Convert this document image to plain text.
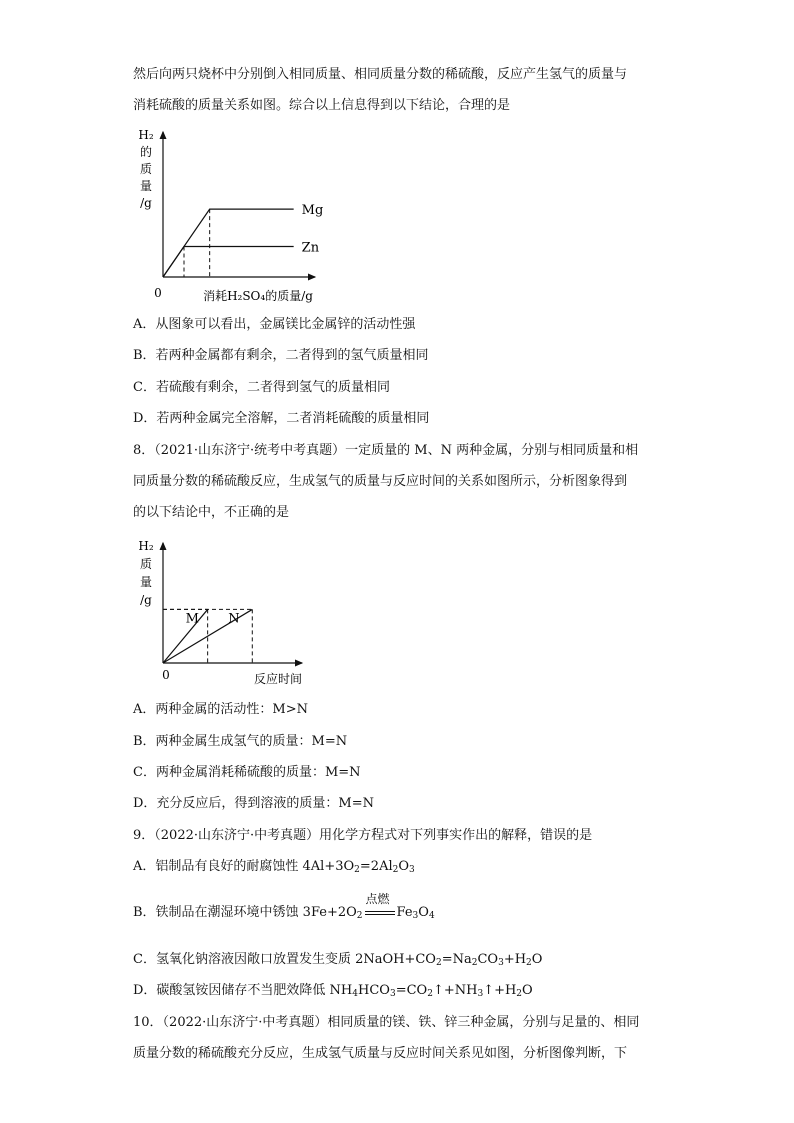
然后向两只烧杯中分别倒入相同质量、相同质量分数的稀硫酸，反应产生氢气的质量与
消耗硫酸的质量关系如图。综合以上信息得到以下结论，合理的是
H₂
的
质
量
/g
0	消耗H₂SO₄的质量/g
Mg
Zn
A．从图象可以看出，金属镁比金属锌的活动性强
B．若两种金属都有剩余，二者得到的氢气质量相同
C．若硫酸有剩余，二者得到氢气的质量相同
D．若两种金属完全溶解，二者消耗硫酸的质量相同
8．（2021·山东济宁·统考中考真题）一定质量的 M、N 两种金属，分别与相同质量和相
同质量分数的稀硫酸反应，生成氢气的质量与反应时间的关系如图所示，分析图象得到
的以下结论中，不正确的是
H₂
质
量
/g
0	反应时间
M N
A．两种金属的活动性：M>N
B．两种金属生成氢气的质量：M=N
C．两种金属消耗稀硫酸的质量：M=N
D．充分反应后，得到溶液的质量：M=N
9．（2022·山东济宁·中考真题）用化学方程式对下列事实作出的解释，错误的是
A．铝制品有良好的耐腐蚀性 $4Al+3O_2=2Al_2O_3$
B．铁制品在潮湿环境中锈蚀 $3Fe+2O_2$
点燃
$Fe_3O_4$
C．氢氧化钠溶液因敞口放置发生变质 $2NaOH+CO_2=Na_2CO_3+H_2O$
D．碳酸氢铵因储存不当肥效降低 $NH_4HCO_3=CO_2↑+NH_3↑+H_2O$
10．（2022·山东济宁·中考真题）相同质量的镁、铁、锌三种金属，分别与足量的、相同
质量分数的稀硫酸充分反应，生成氢气质量与反应时间关系见如图，分析图像判断，下
